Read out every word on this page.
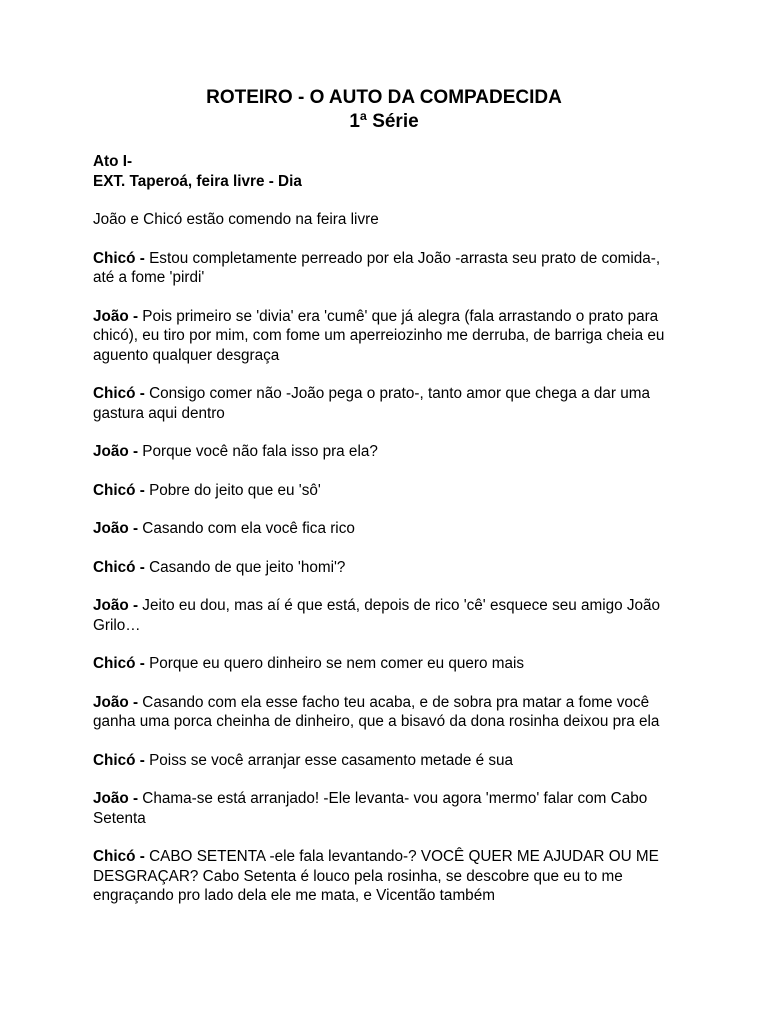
ROTEIRO - O AUTO DA COMPADECIDA
1ª Série

Ato I-
EXT. Taperoá, feira livre - Dia

João e Chicó estão comendo na feira livre

Chicó - Estou completamente perreado por ela João -arrasta seu prato de comida-, até a fome 'pirdi'

João - Pois primeiro se 'divia' era 'cumê' que já alegra (fala arrastando o prato para chicó), eu tiro por mim, com fome um aperreiozinho me derruba, de barriga cheia eu aguento qualquer desgraça

Chicó - Consigo comer não -João pega o prato-, tanto amor que chega a dar uma gastura aqui dentro

João - Porque você não fala isso pra ela?

Chicó - Pobre do jeito que eu 'sô'

João - Casando com ela você fica rico

Chicó - Casando de que jeito 'homi'?

João - Jeito eu dou, mas aí é que está, depois de rico 'cê' esquece seu amigo João Grilo…

Chicó - Porque eu quero dinheiro se nem comer eu quero mais

João - Casando com ela esse facho teu acaba, e de sobra pra matar a fome você ganha uma porca cheinha de dinheiro, que a bisavó da dona rosinha deixou pra ela

Chicó - Poiss se você arranjar esse casamento metade é sua

João - Chama-se está arranjado! -Ele levanta- vou agora 'mermo' falar com Cabo Setenta

Chicó - CABO SETENTA -ele fala levantando-? VOCÊ QUER ME AJUDAR OU ME DESGRAÇAR? Cabo Setenta é louco pela rosinha, se descobre que eu to me engraçando pro lado dela ele me mata, e Vicentão também
